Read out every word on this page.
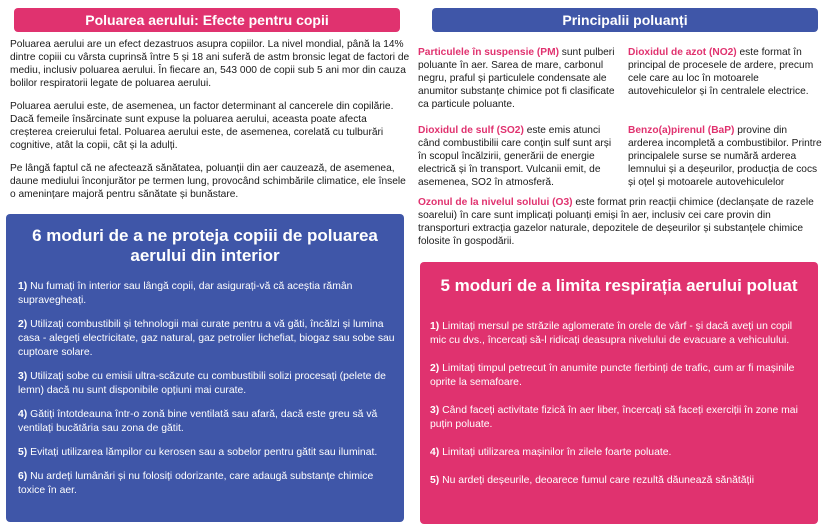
Poluarea aerului: Efecte pentru copii	Principalii poluanți

Poluarea aerului are un efect dezastruos asupra copiilor. La nivel mondial, până la 14% dintre copiii cu vârsta cuprinsă între 5 și 18 ani suferă de astm bronsic legat de factori de mediu, inclusiv poluarea aerului. În fiecare an, 543 000 de copii sub 5 ani mor din cauza bolilor respiratorii legate de poluarea aerului.

Poluarea aerului este, de asemenea, un factor determinant al cancerele din copilărie. Dacă femeile însărcinate sunt expuse la poluarea aerului, aceasta poate afecta creșterea creierului fetal. Poluarea aerului este, de asemenea, corelată cu tulburări cognitive, atât la copii, cât și la adulți.

Pe lângă faptul că ne afectează sănătatea, poluanții din aer cauzează, de asemenea, daune mediului înconjurător pe termen lung, provocând schimbările climatice, ele însele o amenințare majoră pentru sănătate și bunăstare.

6 moduri de a ne proteja copiii de poluarea aerului din interior
1) Nu fumați în interior sau lângă copii, dar asigurați-vă că aceștia rămân supravegheați.
2) Utilizați combustibili și tehnologii mai curate pentru a vă găti, încălzi și lumina casa - alegeți electricitate, gaz natural, gaz petrolier lichefiat, biogaz sau sobe sau cuptoare solare.
3) Utilizați sobe cu emisii ultra-scăzute cu combustibili solizi procesați (pelete de lemn) dacă nu sunt disponibile opțiuni mai curate.
4) Gătiți întotdeauna într-o zonă bine ventilată sau afară, dacă este greu să vă ventilați bucătăria sau zona de gătit.
5) Evitați utilizarea lămpilor cu kerosen sau a sobelor pentru gătit sau iluminat.
6) Nu ardeți lumânări și nu folosiți odorizante, care adaugă substanțe chimice toxice în aer.
Particulele în suspensie (PM) sunt pulberi poluante în aer. Sarea de mare, carbonul negru, praful și particulele condensate ale anumitor substanțe chimice pot fi clasificate ca particule poluante.
Dioxidul de azot (NO2) este format în principal de procesele de ardere, precum cele care au loc în motoarele autovehiculelor și în centralele electrice.
Dioxidul de sulf (SO2) este emis atunci când combustibilii care conțin sulf sunt arși în scopul încălzirii, generării de energie electrică și în transport. Vulcanii emit, de asemenea, SO2 în atmosferă.
Benzo(a)pirenul (BaP) provine din arderea incompletă a combustibilor. Printre principalele surse se numără arderea lemnului și a deșeurilor, producția de cocs și oțel și motoarele autovehiculelor
Ozonul de la nivelul solului (O3) este format prin reacții chimice (declanșate de razele soarelui) în care sunt implicați poluanți emiși în aer, inclusiv cei care provin din transporturi extracția gazelor naturale, depozitele de deșeurilor și substanțele chimice folosite în gospodării.
5 moduri de a limita respirația aerului poluat
1) Limitați mersul pe străzile aglomerate în orele de vârf - și dacă aveți un copil mic cu dvs., încercați să-l ridicați deasupra nivelului de evacuare a vehiculului.
2) Limitați timpul petrecut în anumite puncte fierbinți de trafic, cum ar fi mașinile oprite la semafoare.
3) Când faceți activitate fizică în aer liber, încercați să faceți exerciții în zone mai puțin poluate.
4) Limitați utilizarea mașinilor în zilele foarte poluate.
5) Nu ardeți deșeurile, deoarece fumul care rezultă dăunează sănătății
